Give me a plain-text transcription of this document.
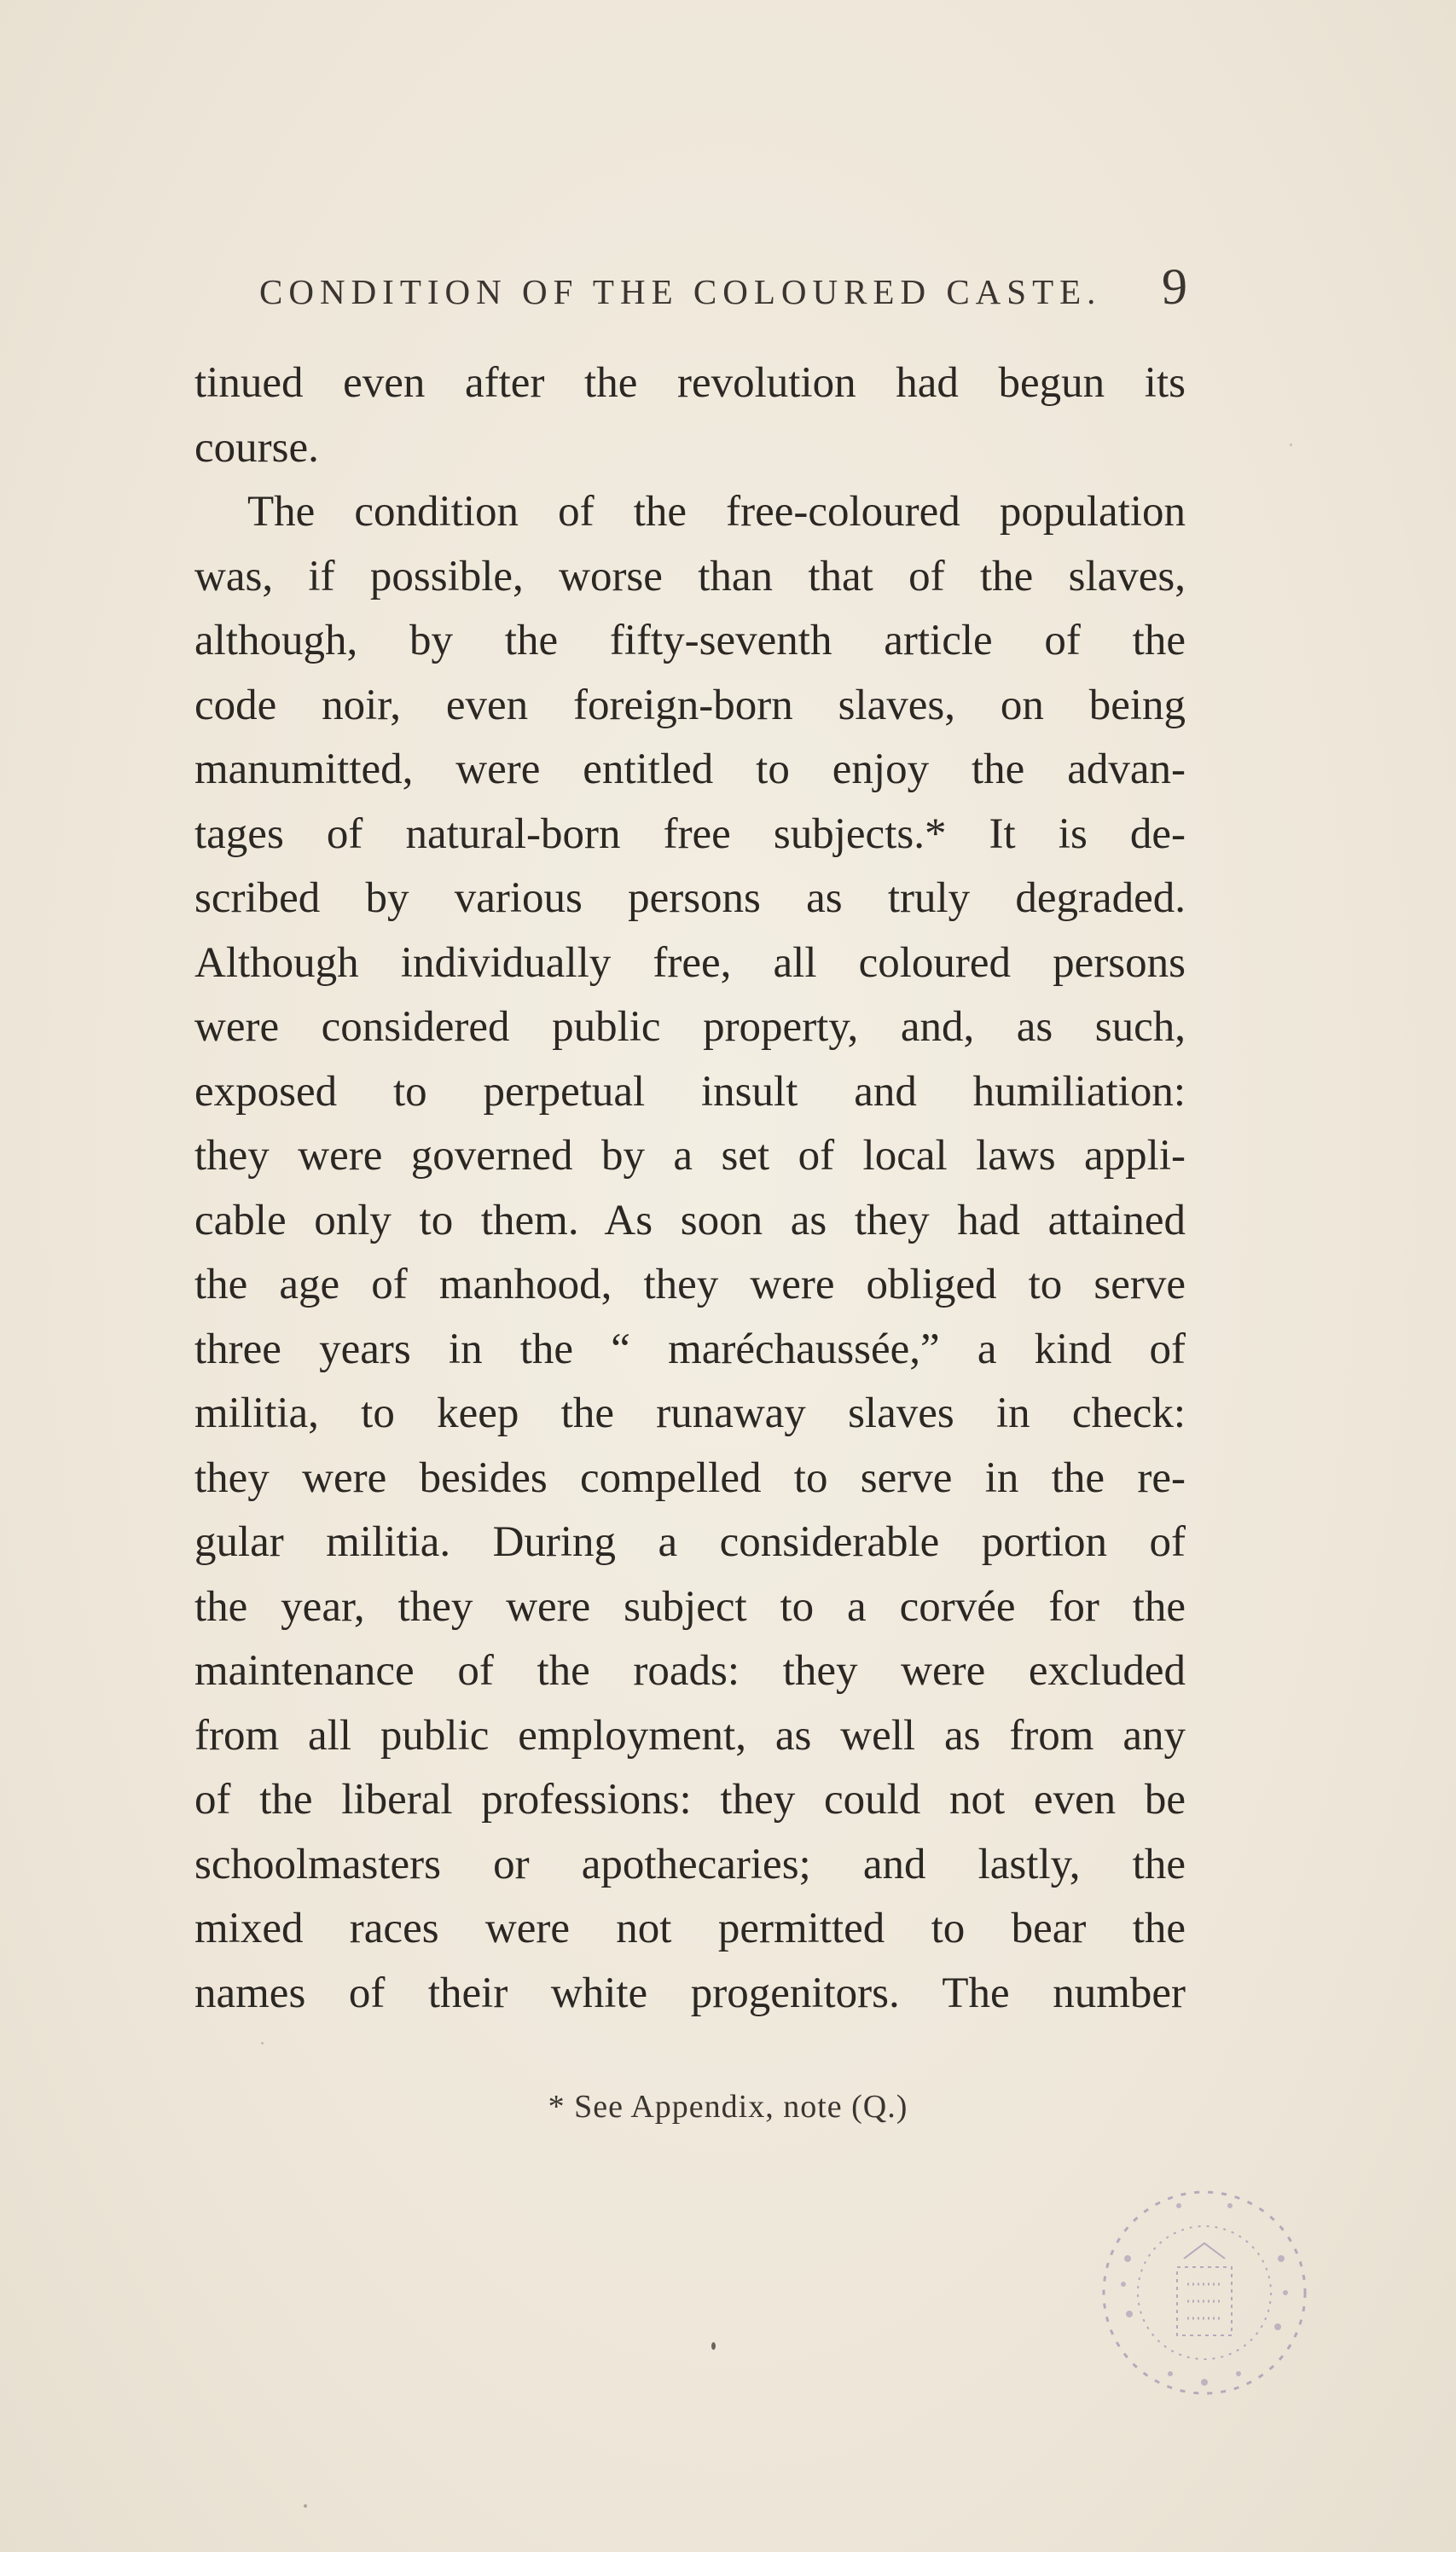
CONDITION OF THE COLOURED CASTE. 9
tinued even after the revolution had begun its
course.
The condition of the free-coloured population
was, if possible, worse than that of the slaves,
although, by the fifty-seventh article of the
code noir, even foreign-born slaves, on being
manumitted, were entitled to enjoy the advan-
tages of natural-born free subjects.* It is de-
scribed by various persons as truly degraded.
Although individually free, all coloured persons
were considered public property, and, as such,
exposed to perpetual insult and humiliation:
they were governed by a set of local laws appli-
cable only to them. As soon as they had attained
the age of manhood, they were obliged to serve
three years in the “ maréchaussée,” a kind of
militia, to keep the runaway slaves in check:
they were besides compelled to serve in the re-
gular militia. During a considerable portion of
the year, they were subject to a corvée for the
maintenance of the roads: they were excluded
from all public employment, as well as from any
of the liberal professions: they could not even be
schoolmasters or apothecaries; and lastly, the
mixed races were not permitted to bear the
names of their white progenitors. The number
* See Appendix, note (Q.)
